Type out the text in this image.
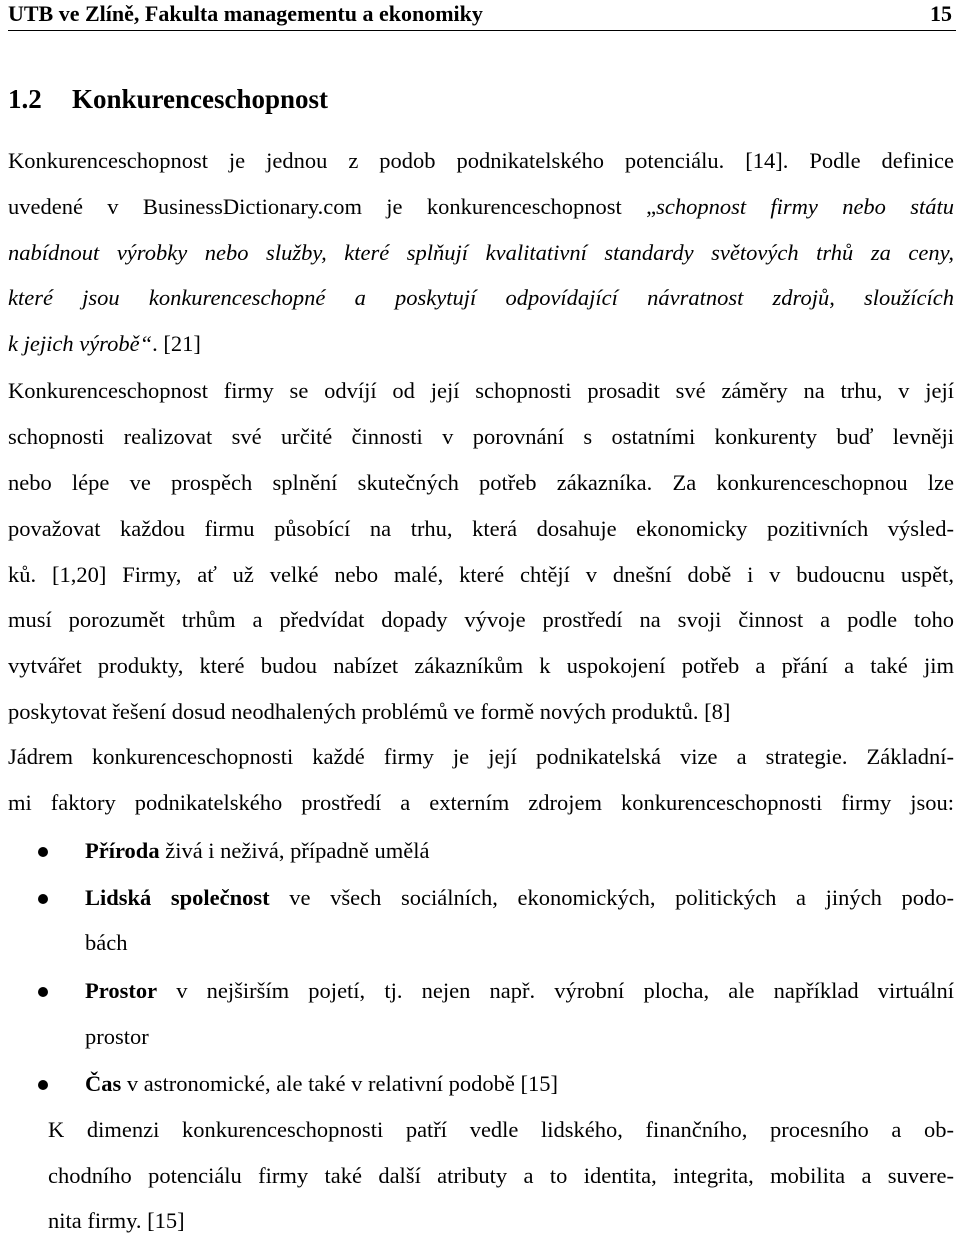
UTB ve Zlíně, Fakulta managementu a ekonomiky	15
1.2 Konkurenceschopnost
Konkurenceschopnost je jednou z podob podnikatelského potenciálu. [14]. Podle definice
uvedené v BusinessDictionary.com je konkurenceschopnost „schopnost firmy nebo státu
nabídnout výrobky nebo služby, které splňují kvalitativní standardy světových trhů za ceny,
které jsou konkurenceschopné a poskytují odpovídající návratnost zdrojů, sloužících
k jejich výrobě“. [21]
Konkurenceschopnost firmy se odvíjí od její schopnosti prosadit své záměry na trhu, v její
schopnosti realizovat své určité činnosti v porovnání s ostatními konkurenty buď levněji
nebo lépe ve prospěch splnění skutečných potřeb zákazníka. Za konkurenceschopnou lze
považovat každou firmu působící na trhu, která dosahuje ekonomicky pozitivních výsled-
ků. [1,20] Firmy, ať už velké nebo malé, které chtějí v dnešní době i v budoucnu uspět,
musí porozumět trhům a předvídat dopady vývoje prostředí na svoji činnost a podle toho
vytvářet produkty, které budou nabízet zákazníkům k uspokojení potřeb a přání a také jim
poskytovat řešení dosud neodhalených problémů ve formě nových produktů. [8]
Jádrem konkurenceschopnosti každé firmy je její podnikatelská vize a strategie. Základní-
mi faktory podnikatelského prostředí a externím zdrojem konkurenceschopnosti firmy jsou:
Příroda živá i neživá, případně umělá
Lidská společnost ve všech sociálních, ekonomických, politických a jiných podo-
bách
Prostor v nejširším pojetí, tj. nejen např. výrobní plocha, ale například virtuální
prostor
Čas v astronomické, ale také v relativní podobě [15]
K dimenzi konkurenceschopnosti patří vedle lidského, finančního, procesního a ob-
chodního potenciálu firmy také další atributy a to identita, integrita, mobilita a suvere-
nita firmy. [15]
